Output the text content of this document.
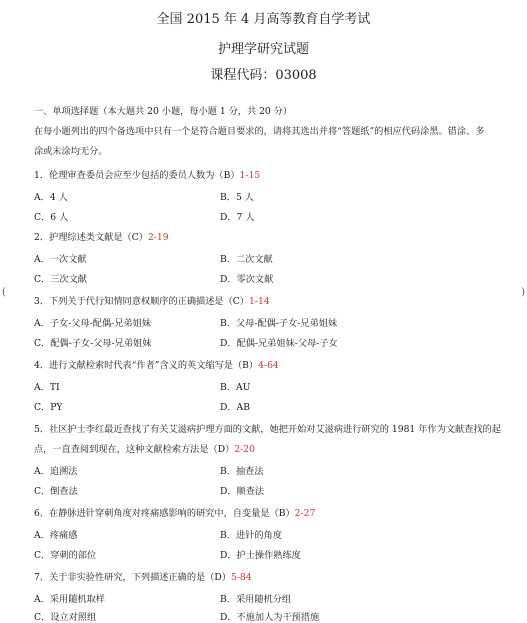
全国 2015 年 4 月高等教育自学考试
护理学研究试题
课程代码：03008
一、单项选择题（本大题共 20 小题，每小题 1 分，共 20 分）
在每小题列出的四个备选项中只有一个是符合题目要求的，请将其选出并将“答题纸”的相应代码涂黑。错涂、多
涂或未涂均无分。
1．伦理审查委员会应至少包括的委员人数为（B）1-15
A．4 人	B．5 人
C．6 人	D．7 人
2．护理综述类文献是（C）2-19
A．一次文献	B．二次文献
C．三次文献	D．零次文献
3．下列关于代行知情同意权顺序的正确描述是（C）1-14
A．子女-父母-配偶-兄弟姐妹	B．父母-配偶-子女-兄弟姐妹
C．配偶-子女-父母-兄弟姐妹	D．配偶-兄弟姐妹-父母-子女
4．进行文献检索时代表“作者”含义的英文缩写是（B）4-64
A．TI	B．AU
C．PY	D．AB
5．社区护士李红最近查找了有关艾滋病护理方面的文献，她把开始对艾滋病进行研究的 1981 年作为文献查找的起
点，一直查阅到现在，这种文献检索方法是（D）2-20
A．追溯法	B．抽查法
C．倒查法	D．顺查法
6．在静脉进针穿刺角度对疼痛感影响的研究中，自变量是（B）2-27
A．疼痛感	B．进针的角度
C．穿刺的部位	D．护士操作熟练度
7．关于非实验性研究，下列描述正确的是（D）5-84
A．采用随机取样	B．采用随机分组
C．设立对照组	D．不施加人为干预措施
(	)
